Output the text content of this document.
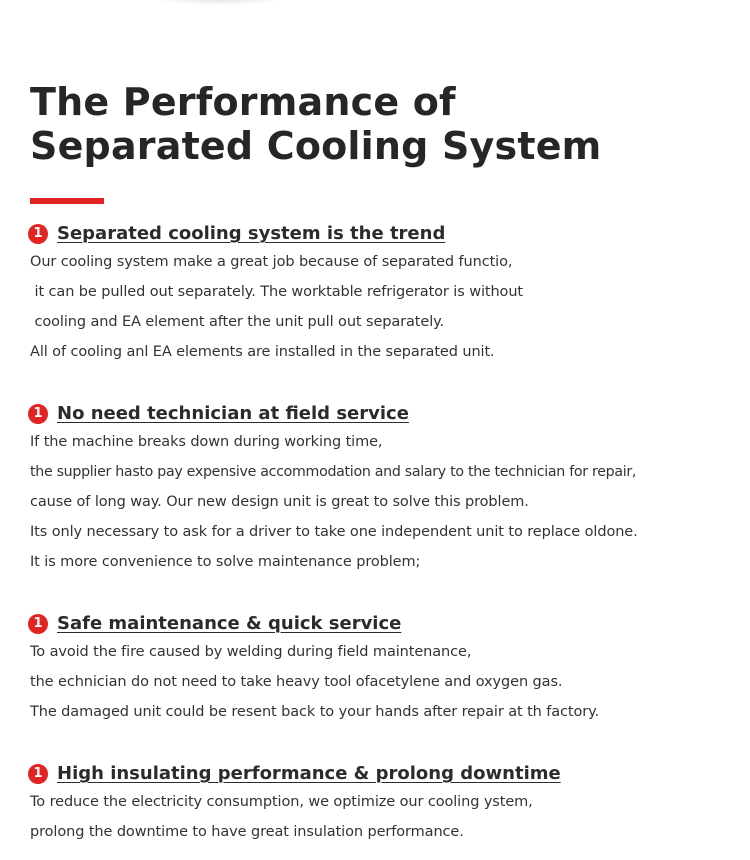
The Performance of
Separated Cooling System
1 Separated cooling system is the trend
Our cooling system make a great job because of separated functio,
it can be pulled out separately. The worktable refrigerator is without
cooling and EA element after the unit pull out separately.
All of cooling anl EA elements are installed in the separated unit.
1 No need technician at field service
If the machine breaks down during working time,
the supplier hasto pay expensive accommodation and salary to the technician for repair,
cause of long way. Our new design unit is great to solve this problem.
Its only necessary to ask for a driver to take one independent unit to replace oldone.
It is more convenience to solve maintenance problem;
1 Safe maintenance & quick service
To avoid the fire caused by welding during field maintenance,
the echnician do not need to take heavy tool ofacetylene and oxygen gas.
The damaged unit could be resent back to your hands after repair at th factory.
1 High insulating performance & prolong downtime
To reduce the electricity consumption, we optimize our cooling ystem,
prolong the downtime to have great insulation performance.
